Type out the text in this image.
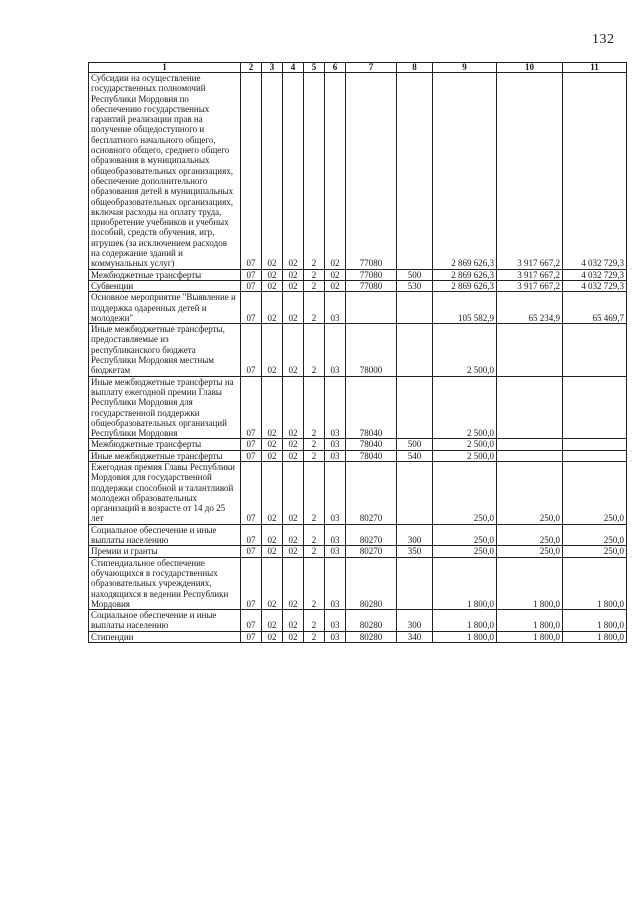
132
1	2	3	4	5	6	7	8	9	10	11
Субсидии на осуществление государственных полномочий Республики Мордовия по обеспечению государственных гарантий реализации прав на получение общедоступного и бесплатного начального общего, основного общего, среднего общего образования в муниципальных общеобразовательных организациях, обеспечение дополнительного образования детей в муниципальных общеобразовательных организациях, включая расходы на оплату труда, приобретение учебников и учебных пособий, средств обучения, игр, игрушек (за исключением расходов на содержание зданий и коммунальных услуг)	07	02	02	2	02	77080		2 869 626,3	3 917 667,2	4 032 729,3
Межбюджетные трансферты	07	02	02	2	02	77080	500	2 869 626,3	3 917 667,2	4 032 729,3
Субвенции	07	02	02	2	02	77080	530	2 869 626,3	3 917 667,2	4 032 729,3
Основное мероприятие "Выявление и поддержка одаренных детей и молодежи"	07	02	02	2	03			105 582,9	65 234,9	65 469,7
Иные межбюджетные трансферты, предоставляемые из республиканского бюджета Республики Мордовия местным бюджетам	07	02	02	2	03	78000		2 500,0		
Иные межбюджетные трансферты на выплату ежегодной премии Главы Республики Мордовия для государственной поддержки общеобразовательных организаций Республики Мордовия	07	02	02	2	03	78040		2 500,0		
Межбюджетные трансферты	07	02	02	2	03	78040	500	2 500,0		
Иные межбюджетные трансферты	07	02	02	2	03	78040	540	2 500,0		
Ежегодная премия Главы Республики Мордовия для государственной поддержки способной и талантливой молодежи образовательных организаций в возрасте от 14 до 25 лет	07	02	02	2	03	80270		250,0	250,0	250,0
Социальное обеспечение и иные выплаты населению	07	02	02	2	03	80270	300	250,0	250,0	250,0
Премии и гранты	07	02	02	2	03	80270	350	250,0	250,0	250,0
Стипендиальное обеспечение обучающихся в государственных образовательных учреждениях, находящихся в ведении Республики Мордовия	07	02	02	2	03	80280		1 800,0	1 800,0	1 800,0
Социальное обеспечение и иные выплаты населению	07	02	02	2	03	80280	300	1 800,0	1 800,0	1 800,0
Стипендии	07	02	02	2	03	80280	340	1 800,0	1 800,0	1 800,0
